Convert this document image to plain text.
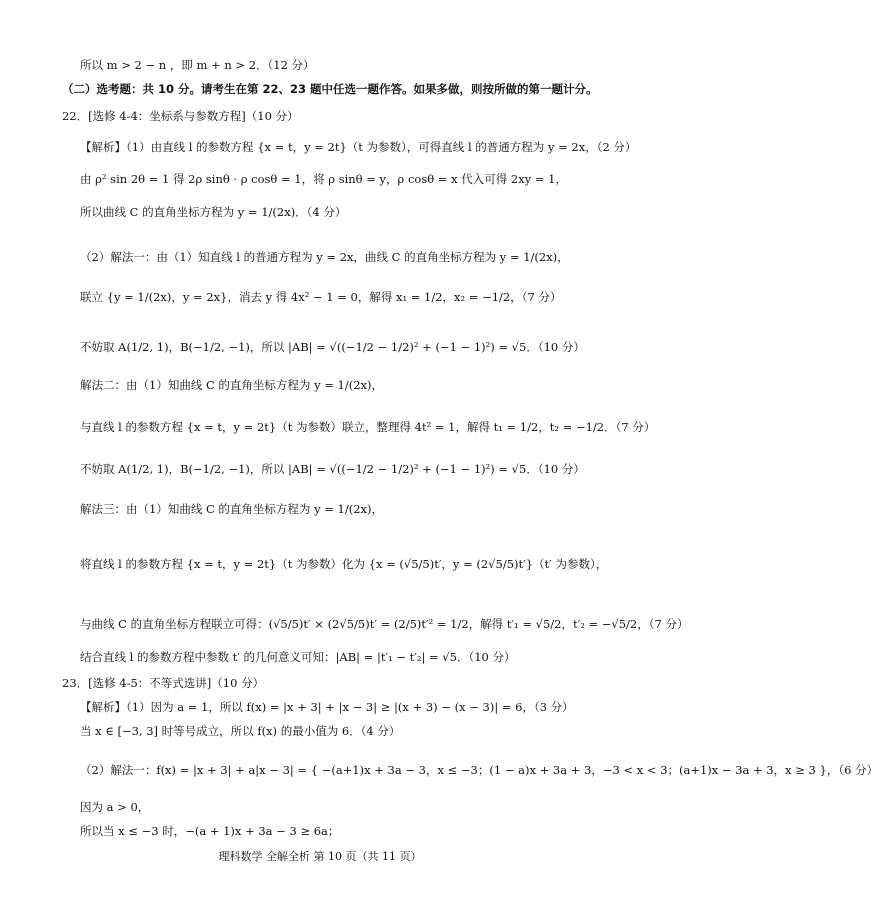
所以 m > 2 − n ，即 m + n > 2．（12 分）
（二）选考题：共 10 分。请考生在第 22、23 题中任选一题作答。如果多做，则按所做的第一题计分。
22．[选修 4-4：坐标系与参数方程]（10 分）
【解析】（1）由直线 l 的参数方程 {x = t，y = 2t}（t 为参数），可得直线 l 的普通方程为 y = 2x，（2 分）
由 ρ² sin 2θ = 1 得 2ρ sinθ · ρ cosθ = 1，将 ρ sinθ = y，ρ cosθ = x 代入可得 2xy = 1，
所以曲线 C 的直角坐标方程为 y = 1/(2x)．（4 分）
（2）解法一：由（1）知直线 l 的普通方程为 y = 2x，曲线 C 的直角坐标方程为 y = 1/(2x)，
联立 {y = 1/(2x)，y = 2x}，消去 y 得 4x² − 1 = 0，解得 x₁ = 1/2，x₂ = −1/2，（7 分）
不妨取 A(1/2, 1)，B(−1/2, −1)，所以 |AB| = √((−1/2 − 1/2)² + (−1 − 1)²) = √5．（10 分）
解法二：由（1）知曲线 C 的直角坐标方程为 y = 1/(2x)，
与直线 l 的参数方程 {x = t，y = 2t}（t 为参数）联立，整理得 4t² = 1，解得 t₁ = 1/2，t₂ = −1/2．（7 分）
不妨取 A(1/2, 1)，B(−1/2, −1)，所以 |AB| = √((−1/2 − 1/2)² + (−1 − 1)²) = √5．（10 分）
解法三：由（1）知曲线 C 的直角坐标方程为 y = 1/(2x)，
将直线 l 的参数方程 {x = t，y = 2t}（t 为参数）化为 {x = (√5/5)t′，y = (2√5/5)t′}（t′ 为参数），
与曲线 C 的直角坐标方程联立可得：(√5/5)t′ × (2√5/5)t′ = (2/5)t′² = 1/2，解得 t′₁ = √5/2，t′₂ = −√5/2，（7 分）
结合直线 l 的参数方程中参数 t′ 的几何意义可知：|AB| = |t′₁ − t′₂| = √5．（10 分）
23．[选修 4-5：不等式选讲]（10 分）
【解析】（1）因为 a = 1，所以 f(x) = |x + 3| + |x − 3| ≥ |(x + 3) − (x − 3)| = 6，（3 分）
当 x ∈ [−3, 3] 时等号成立，所以 f(x) 的最小值为 6．（4 分）
（2）解法一：f(x) = |x + 3| + a|x − 3| = { −(a+1)x + 3a − 3，x ≤ −3；(1 − a)x + 3a + 3，−3 < x < 3；(a+1)x − 3a + 3，x ≥ 3 }，（6 分）
因为 a > 0，
所以当 x ≤ −3 时，−(a + 1)x + 3a − 3 ≥ 6a；
理科数学 全解全析 第 10 页（共 11 页）
